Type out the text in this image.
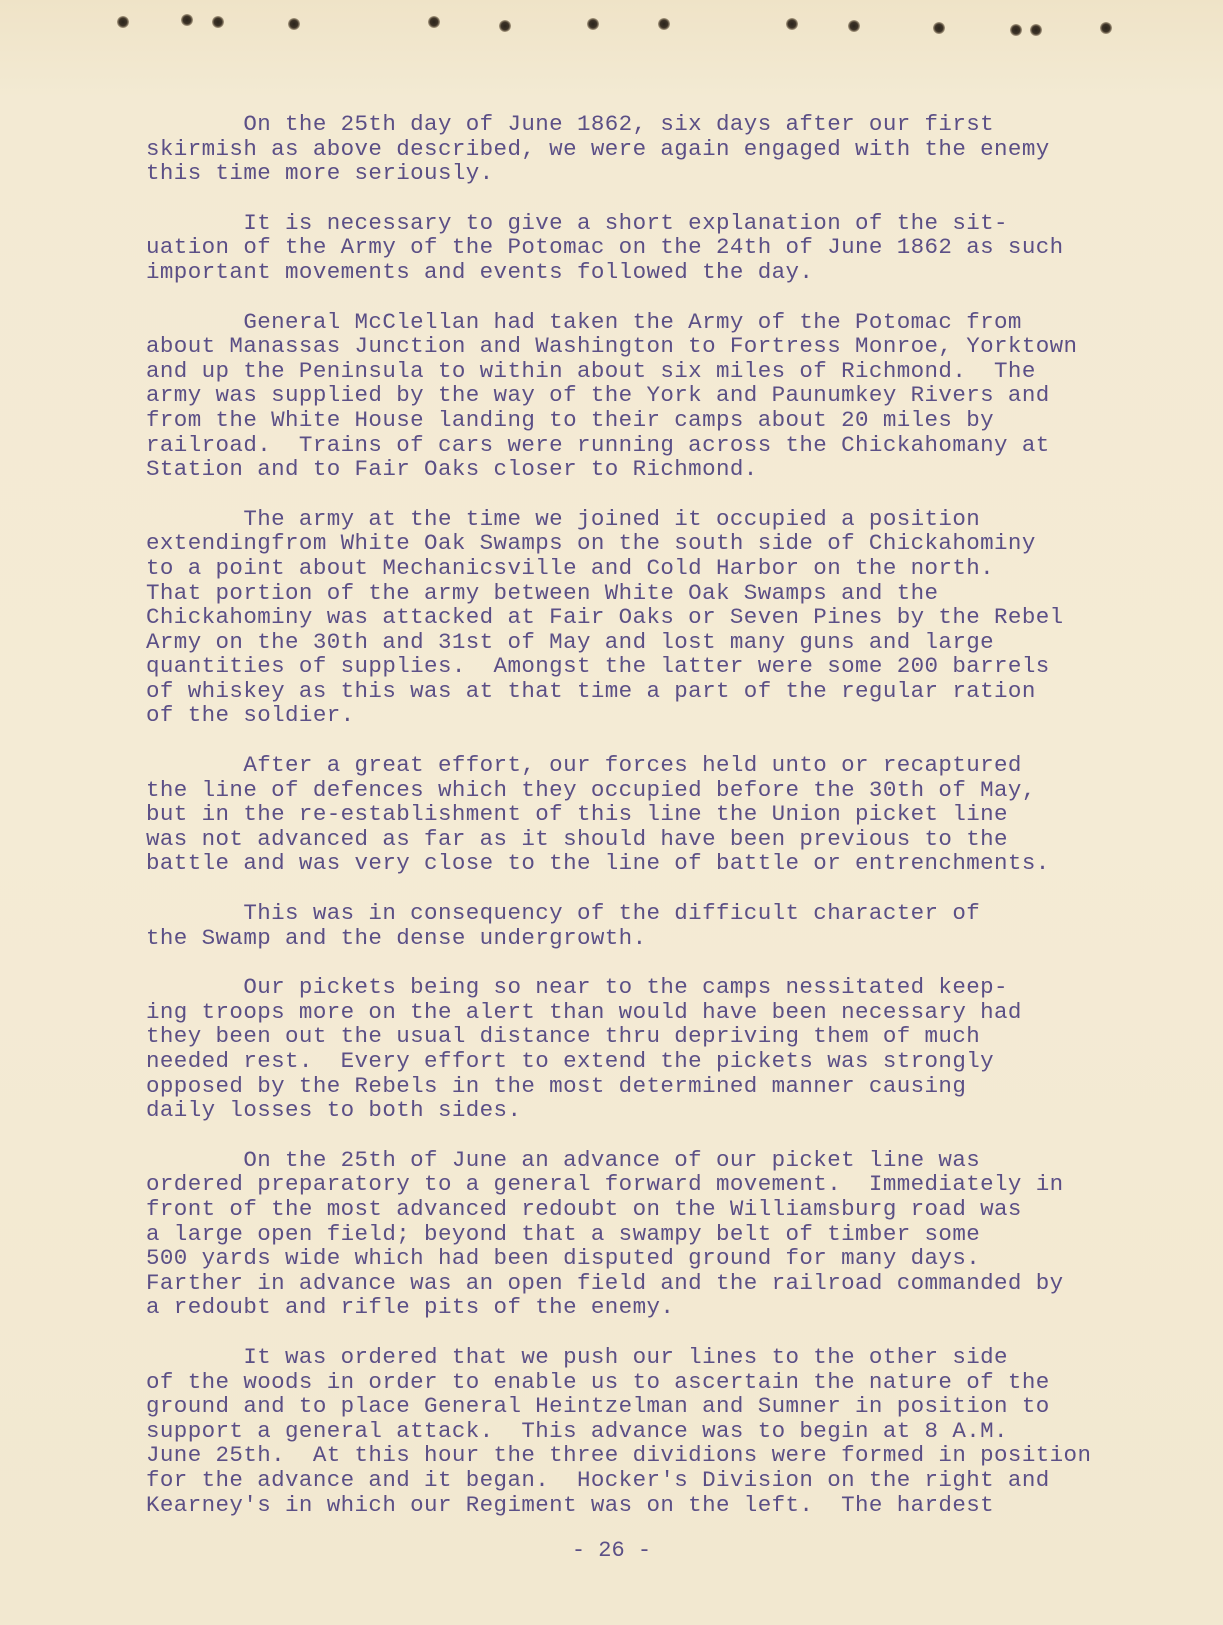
On the 25th day of June 1862, six days after our first
skirmish as above described, we were again engaged with the enemy
this time more seriously.
It is necessary to give a short explanation of the sit-
uation of the Army of the Potomac on the 24th of June 1862 as such
important movements and events followed the day.
General McClellan had taken the Army of the Potomac from
about Manassas Junction and Washington to Fortress Monroe, Yorktown
and up the Peninsula to within about six miles of Richmond.  The
army was supplied by the way of the York and Paunumkey Rivers and
from the White House landing to their camps about 20 miles by
railroad.  Trains of cars were running across the Chickahomany at
Station and to Fair Oaks closer to Richmond.
The army at the time we joined it occupied a position
extendingfrom White Oak Swamps on the south side of Chickahominy
to a point about Mechanicsville and Cold Harbor on the north.
That portion of the army between White Oak Swamps and the
Chickahominy was attacked at Fair Oaks or Seven Pines by the Rebel
Army on the 30th and 31st of May and lost many guns and large
quantities of supplies.  Amongst the latter were some 200 barrels
of whiskey as this was at that time a part of the regular ration
of the soldier.
After a great effort, our forces held unto or recaptured
the line of defences which they occupied before the 30th of May,
but in the re-establishment of this line the Union picket line
was not advanced as far as it should have been previous to the
battle and was very close to the line of battle or entrenchments.
This was in consequency of the difficult character of
the Swamp and the dense undergrowth.
Our pickets being so near to the camps nessitated keep-
ing troops more on the alert than would have been necessary had
they been out the usual distance thru depriving them of much
needed rest.  Every effort to extend the pickets was strongly
opposed by the Rebels in the most determined manner causing
daily losses to both sides.
On the 25th of June an advance of our picket line was
ordered preparatory to a general forward movement.  Immediately in
front of the most advanced redoubt on the Williamsburg road was
a large open field; beyond that a swampy belt of timber some
500 yards wide which had been disputed ground for many days.
Farther in advance was an open field and the railroad commanded by
a redoubt and rifle pits of the enemy.
It was ordered that we push our lines to the other side
of the woods in order to enable us to ascertain the nature of the
ground and to place General Heintzelman and Sumner in position to
support a general attack.  This advance was to begin at 8 A.M.
June 25th.  At this hour the three dividions were formed in position
for the advance and it began.  Hocker's Division on the right and
Kearney's in which our Regiment was on the left.  The hardest
- 26 -
